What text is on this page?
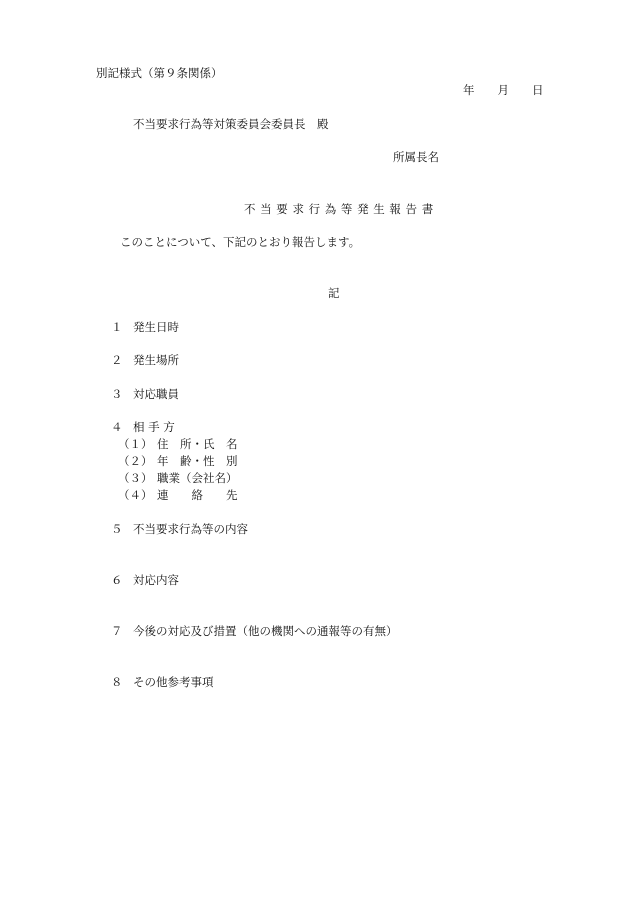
別記様式（第９条関係）
年　　月　　日
不当要求行為等対策委員会委員長　殿
所属長名
不 当 要 求 行 為 等 発 生 報 告 書
このことについて、下記のとおり報告します。
記
１ 発生日時
２ 発生場所
３ 対応職員
４ 相 手 方
（１） 住　所・氏　名
（２） 年　齢・性　別
（３） 職業（会社名）
（４） 連　　絡　　先
５ 不当要求行為等の内容
６ 対応内容
７ 今後の対応及び措置（他の機関への通報等の有無）
８ その他参考事項
